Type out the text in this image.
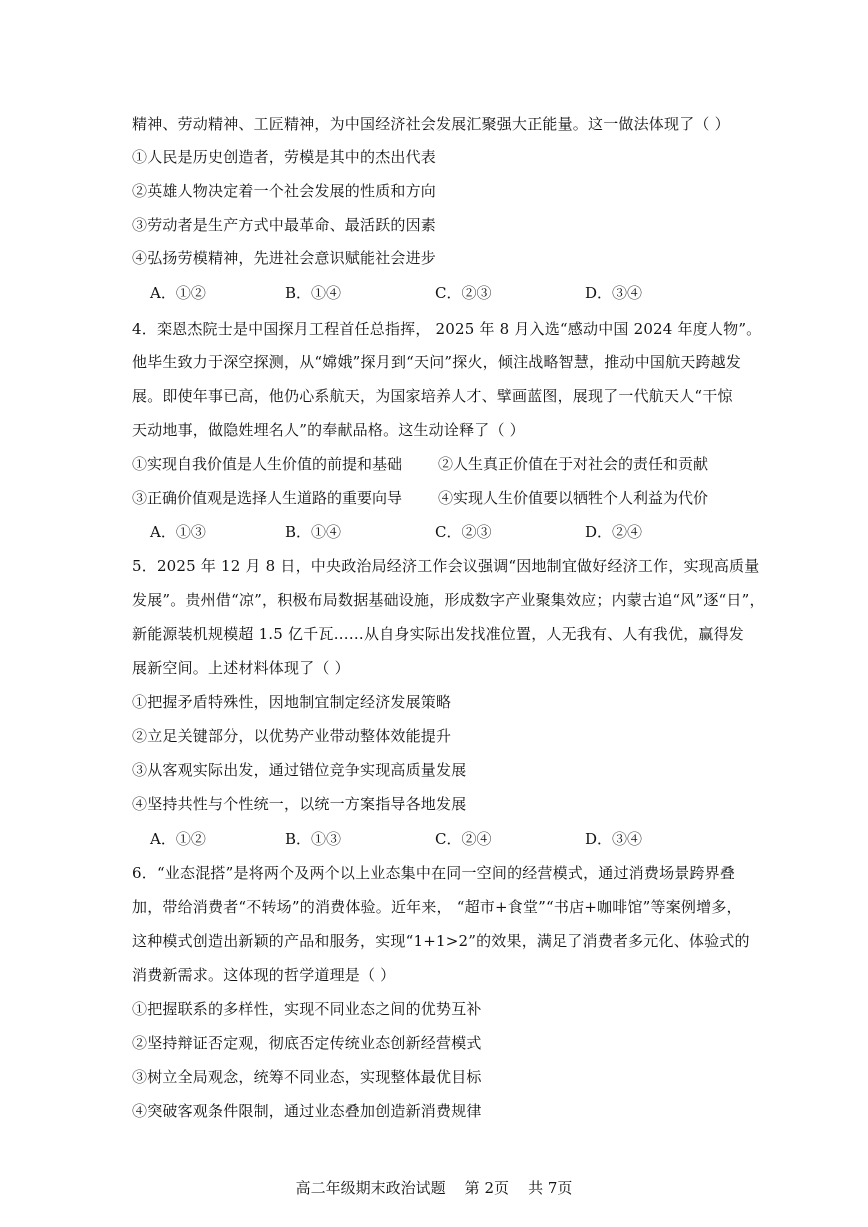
精神、劳动精神、工匠精神，为中国经济社会发展汇聚强大正能量。这一做法体现了（ ）
①人民是历史创造者，劳模是其中的杰出代表
②英雄人物决定着一个社会发展的性质和方向
③劳动者是生产方式中最革命、最活跃的因素
④弘扬劳模精神，先进社会意识赋能社会进步
A．①②	B．①④	C．②③	D．③④
4．栾恩杰院士是中国探月工程首任总指挥， 2025 年 8 月入选“感动中国 2024 年度人物”。
他毕生致力于深空探测，从“嫦娥”探月到“天问”探火，倾注战略智慧，推动中国航天跨越发
展。即使年事已高，他仍心系航天，为国家培养人才、擘画蓝图，展现了一代航天人“干惊
天动地事，做隐姓埋名人”的奉献品格。这生动诠释了（ ）
①实现自我价值是人生价值的前提和基础 ②人生真正价值在于对社会的责任和贡献
③正确价值观是选择人生道路的重要向导 ④实现人生价值要以牺牲个人利益为代价
A．①③	B．①④	C．②③	D．②④
5．2025 年 12 月 8 日，中央政治局经济工作会议强调“因地制宜做好经济工作，实现高质量
发展”。贵州借“凉”，积极布局数据基础设施，形成数字产业聚集效应；内蒙古追“风”逐“日”，
新能源装机规模超 1.5 亿千瓦……从自身实际出发找准位置，人无我有、人有我优，赢得发
展新空间。上述材料体现了（ ）
①把握矛盾特殊性，因地制宜制定经济发展策略
②立足关键部分，以优势产业带动整体效能提升
③从客观实际出发，通过错位竞争实现高质量发展
④坚持共性与个性统一，以统一方案指导各地发展
A．①②	B．①③	C．②④	D．③④
6．“业态混搭”是将两个及两个以上业态集中在同一空间的经营模式，通过消费场景跨界叠
加，带给消费者“不转场”的消费体验。近年来， “超市+食堂”“书店+咖啡馆”等案例增多，
这种模式创造出新颖的产品和服务，实现“1+1>2”的效果，满足了消费者多元化、体验式的
消费新需求。这体现的哲学道理是（ ）
①把握联系的多样性，实现不同业态之间的优势互补
②坚持辩证否定观，彻底否定传统业态创新经营模式
③树立全局观念，统筹不同业态，实现整体最优目标
④突破客观条件限制，通过业态叠加创造新消费规律
高二年级期末政治试题    第 2页    共 7页
